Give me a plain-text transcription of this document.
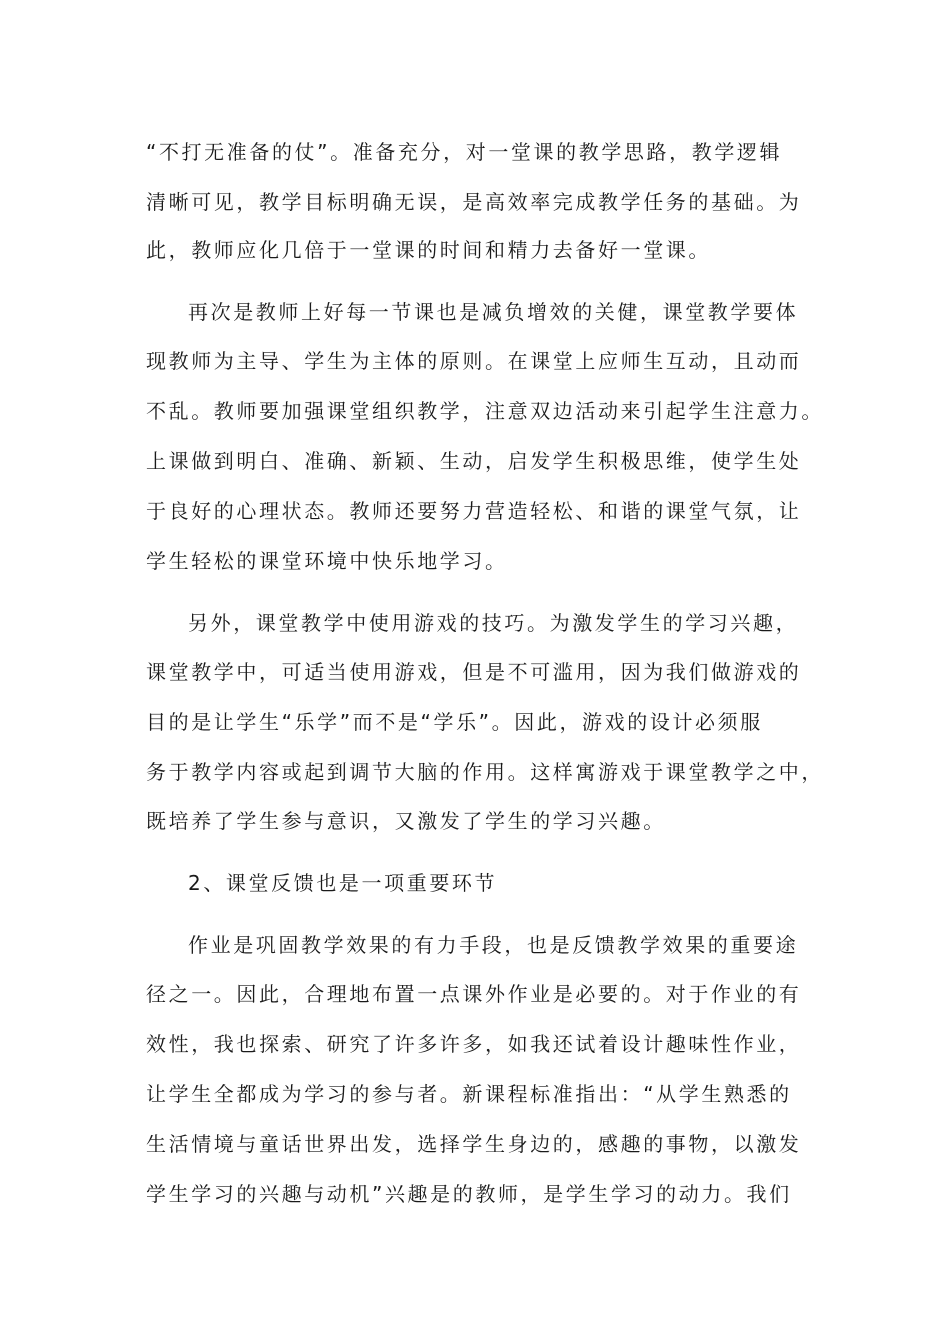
“不打无准备的仗”。准备充分，对一堂课的教学思路，教学逻辑
清晰可见，教学目标明确无误，是高效率完成教学任务的基础。为
此，教师应化几倍于一堂课的时间和精力去备好一堂课。
再次是教师上好每一节课也是减负增效的关健，课堂教学要体
现教师为主导、学生为主体的原则。在课堂上应师生互动，且动而
不乱。教师要加强课堂组织教学，注意双边活动来引起学生注意力。
上课做到明白、准确、新颖、生动，启发学生积极思维，使学生处
于良好的心理状态。教师还要努力营造轻松、和谐的课堂气氛，让
学生轻松的课堂环境中快乐地学习。
另外，课堂教学中使用游戏的技巧。为激发学生的学习兴趣，
课堂教学中，可适当使用游戏，但是不可滥用，因为我们做游戏的
目的是让学生“乐学”而不是“学乐”。因此，游戏的设计必须服
务于教学内容或起到调节大脑的作用。这样寓游戏于课堂教学之中，
既培养了学生参与意识，又激发了学生的学习兴趣。
2、课堂反馈也是一项重要环节
作业是巩固教学效果的有力手段，也是反馈教学效果的重要途
径之一。因此，合理地布置一点课外作业是必要的。对于作业的有
效性，我也探索、研究了许多许多，如我还试着设计趣味性作业，
让学生全都成为学习的参与者。新课程标准指出：“从学生熟悉的
生活情境与童话世界出发，选择学生身边的，感趣的事物，以激发
学生学习的兴趣与动机”兴趣是的教师，是学生学习的动力。我们
